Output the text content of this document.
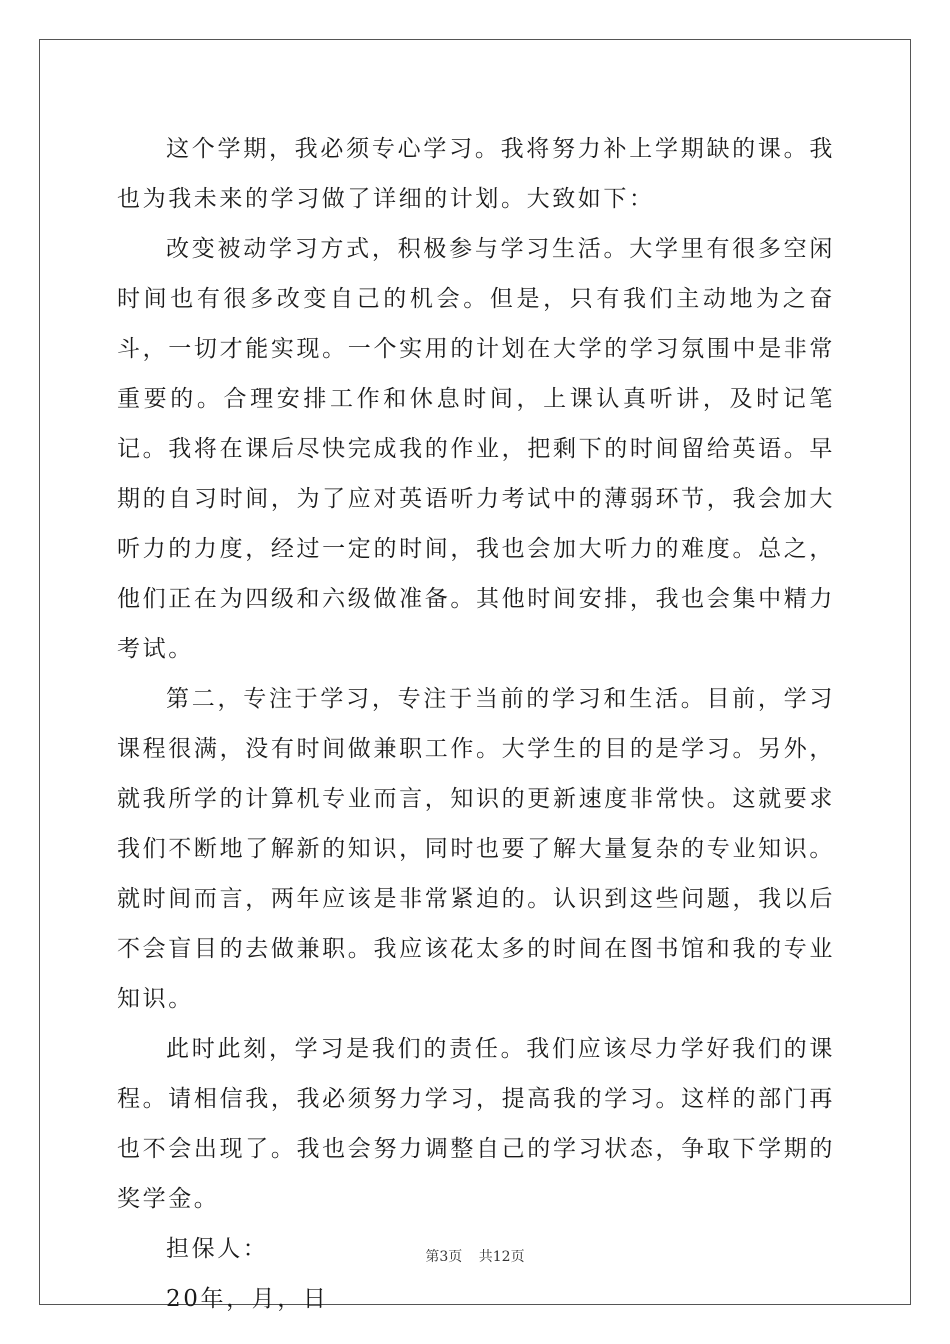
这个学期，我必须专心学习。我将努力补上学期缺的课。我也为我未来的学习做了详细的计划。大致如下：

改变被动学习方式，积极参与学习生活。大学里有很多空闲时间也有很多改变自己的机会。但是，只有我们主动地为之奋斗，一切才能实现。一个实用的计划在大学的学习氛围中是非常重要的。合理安排工作和休息时间，上课认真听讲，及时记笔记。我将在课后尽快完成我的作业，把剩下的时间留给英语。早期的自习时间，为了应对英语听力考试中的薄弱环节，我会加大听力的力度，经过一定的时间，我也会加大听力的难度。总之，他们正在为四级和六级做准备。其他时间安排，我也会集中精力考试。

第二，专注于学习，专注于当前的学习和生活。目前，学习课程很满，没有时间做兼职工作。大学生的目的是学习。另外，就我所学的计算机专业而言，知识的更新速度非常快。这就要求我们不断地了解新的知识，同时也要了解大量复杂的专业知识。就时间而言，两年应该是非常紧迫的。认识到这些问题，我以后不会盲目的去做兼职。我应该花太多的时间在图书馆和我的专业知识。

此时此刻，学习是我们的责任。我们应该尽力学好我们的课程。请相信我，我必须努力学习，提高我的学习。这样的部门再也不会出现了。我也会努力调整自己的学习状态，争取下学期的奖学金。

担保人：

20年，月，日

第3页 共12页
